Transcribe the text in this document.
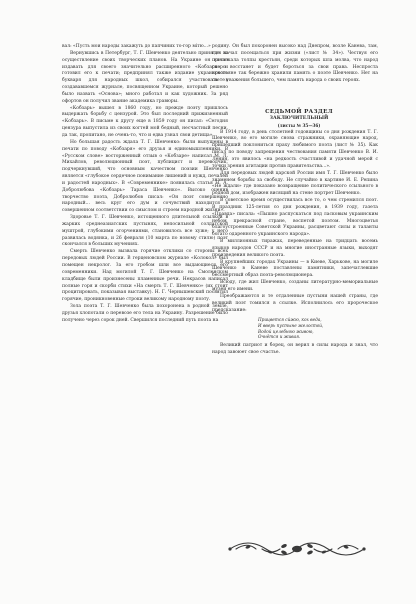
вал: «Пусть мои народы закажуть до папчиних то-гор мітю...»

Вернувшись в Петербург, Т. Г. Шевченко деятельно принялся за осуществление своих творческих планов. На Украине он начал издавать для своего значительно расширенного «Кобзаря» и готовил его к печати; предпринял также издание украинского букваря для народных школ, собирался участвовать в создававшемся журнале, посвященном Украине, который решено было назвать «Основа»; много работал и как художник. За ряд офортов он получил звание академика гравюры.

«Кобзарь» вышел в 1860 году, но прежде поэту пришлось выдержать борьбу с цензурой. Это был последний прижизненный «Кобзарь». В письме к другу еще в 1859 году он писал: «Сегодня цензура выпустила из своих когтей мой бедный, несчастный песни, да так, пропитано, не очень-то, что и едва узнал свои детища».

Но большая радость ждала Т. Г. Шевченко: были выпущены в печати по поводу «Кобзаря» его друзья и единомышленники. В «Русском слове» восторженный отзыв о «Кобзаре» написал М. Л. Михайлов, революционный поэт, публицист и переводчик, подчеркнувший, что основным качеством поэзии Шевченко является «глубокое сердечное понимание лишений и нужд, печалей и радостей народных». В «Современнике» появилась статья Н. А. Добролюбова «Кобзарь» Тараса Шевченко». Высоко оценив творчество поэта, Добролюбов писал: «Он поэт совершенно народный... весь круг его дум и сочувствий находится в совершенном соответствии со смыслом и строем народной жизни».

Здоровье Т. Г. Шевченко, истощенного длительной ссылкой в жарких среднеазиатских пустынях, непосильной солдатской муштрой, глубокими огорчениями, становилось все хуже; у него развилась водянка, и 26 февраля (10 марта по новому стилю) поэт скончался в больших мучениях.

Смерть Шевченко вызвала горячие отклики со стороны всех передовых людей России. В герценовском журнале «Колокол» был помещен некролог. За его гробом шли все выдающиеся его современники. Над могилой Т. Г. Шевченко на Смоленском кладбище были произнесены пламенные речи. Некрасов написал полные горя и скорби стихи «На смерть Т. Г. Шевченко» (их стоит процитировать, показывая выставку). Н. Г. Чернышевский посвятил горячие, проникновенные строки великому народному поэту.

Зола поэта Т. Г. Шевченко была похоронена в родной земле, друзья хлопотали о перевозе его тела на Украину. Разрешение было получено через сорок дней. Свершился последний путь поэта на

родину. Он был похоронен высоко над Днепром, возле Канева, там, где начал посещаться при жизни («лист № 34»). Чествуя его прилежала толпы крестьян, среди которых шла молва, что народ скоро восстанет и будет бороться за свои права. Неспроста крестьяне так бережно хранили память о поэте Шевченко. Нет на свете уважения большего, чем память народа о своих героях.

СЕДЬМОЙ РАЗДЕЛ

ЗАКЛЮЧИТЕЛЬНЫЙ

(листы № 35—36)

В 1914 году, в день столетней годовщины со дня рождения Т. Г. Шевченко, во его могиле снова стражники, охраняющие народ, пришедший поклониться праху любимого поэта (лист № 35). Как писал по поводу запрещения чествования памяти Шевченко В. И. Ленин, это явилось «на редкость счастливой и удачной мерой с точки зрения агитации против правительства...».

Для передовых людей царской России имя Т. Г. Шевченко было знаменем борьбы за свободу. Не случайно в картине И. Е. Репина «Не ждали» где показано возвращение политического ссыльного в родной дом, изображен висящий на стене портрет Шевченко.

В советское время осуществилась все то, о чем стремился поэт. В праздник 125-летия со дня рождения, в 1939 году, газета «Правда» писала: «Пышно распускаться под ласковым украинским небом прекрасной стране, воспетой поэтом. Многоцветья благоустроенные Советской Украины, расцветают силы и таланты богато одаренного украинского народа».

В миллионных тиражах, переведенные на тридцать восемь языков народов СССР и на многие иностранные языки, выходят произведения великого поэта.

В крупнейших городах Украины — в Киеве, Харькове, на могиле Шевченко в Каневе поставлены памятники, запечатлевшие бессмертный образ поэта-революционера.

Всюду, где жил Шевченко, созданы литературно-мемориальные музеи его имени.

Преображаются и те отдаленные пустыни нашей страны, где великий поэт томился в ссылке. Исполнилось его пророческое предсказание:

Прицвется сйжю, кох веда,
И вверь пустыне желостой,
Водой целебною живою,
Очнётся и живая.

Великий патриот и борец, он верил в силы народа и знал, что народ завоюет свое счастье.
